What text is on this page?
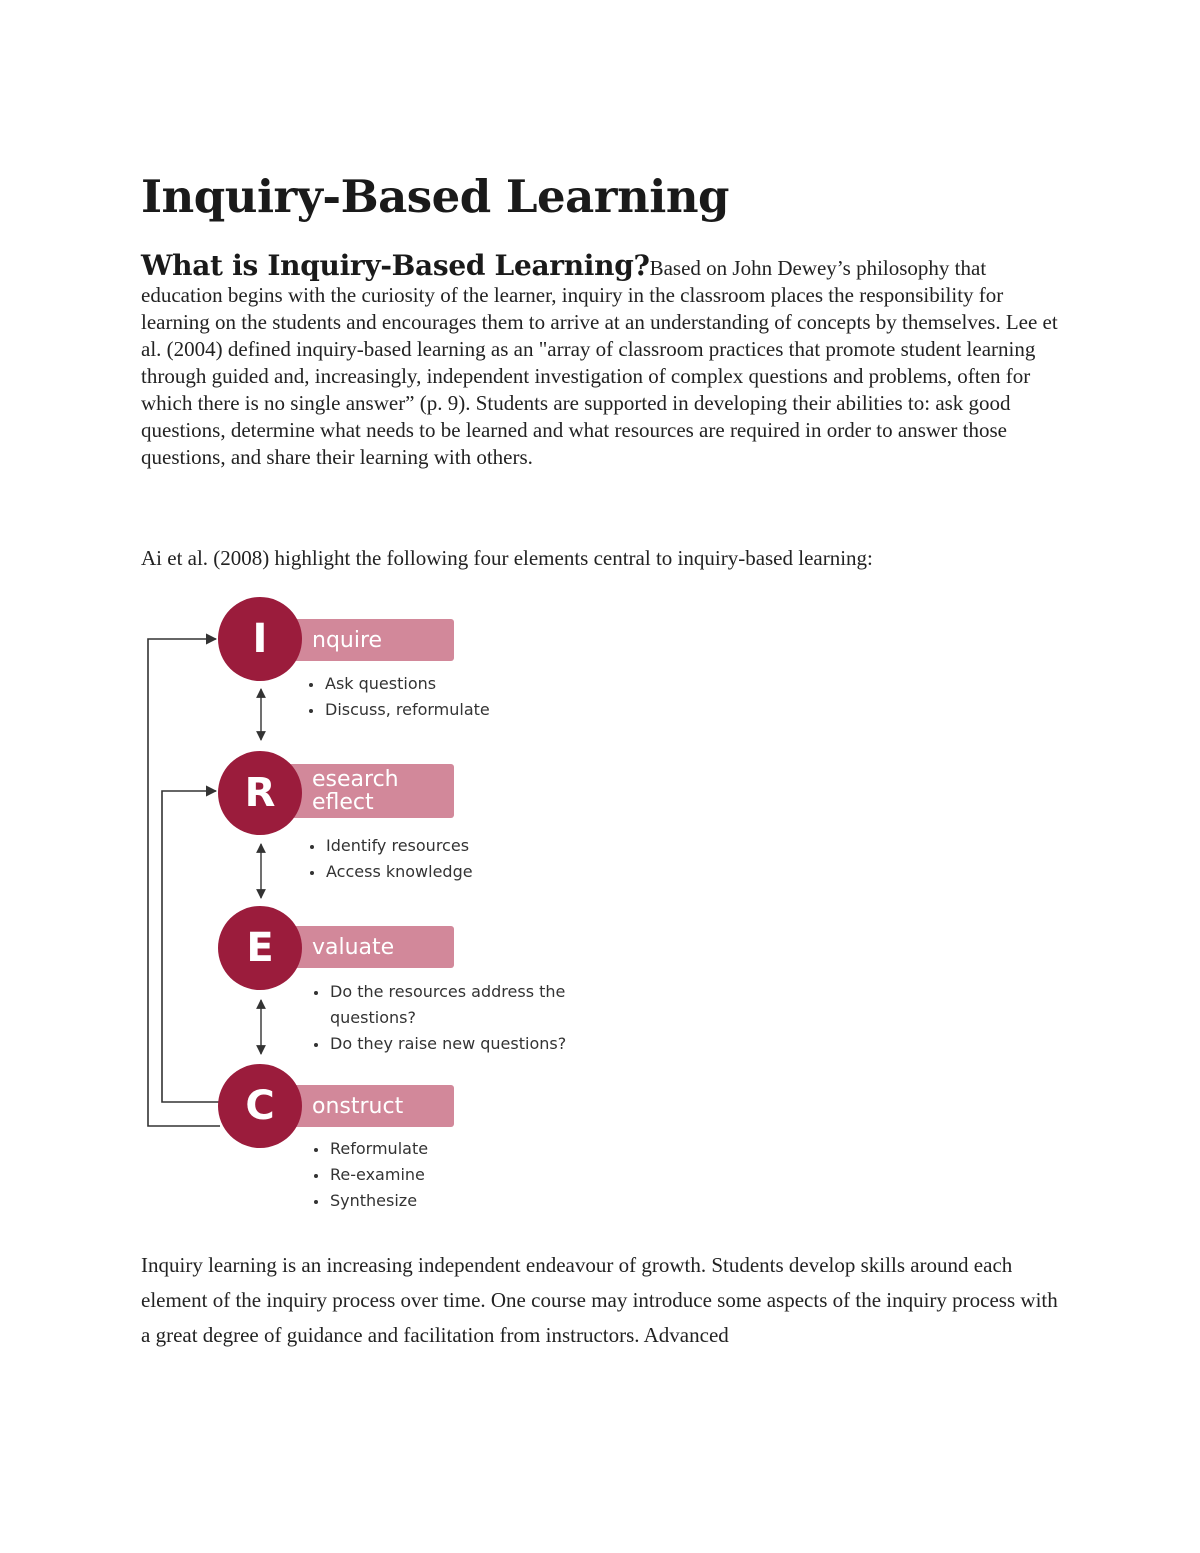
Inquiry-Based Learning

What is Inquiry-Based Learning?Based on John Dewey’s philosophy that education begins with the curiosity of the learner, inquiry in the classroom places the responsibility for learning on the students and encourages them to arrive at an understanding of concepts by themselves. Lee et al. (2004) defined inquiry-based learning as an "array of classroom practices that promote student learning through guided and, increasingly, independent investigation of complex questions and problems, often for which there is no single answer” (p. 9). Students are supported in developing their abilities to: ask good questions, determine what needs to be learned and what resources are required in order to answer those questions, and share their learning with others.

Ai et al. (2008) highlight the following four elements central to inquiry-based learning:

nquire
I
Ask questions
Discuss, reformulate
esearch
eflect
R
Identify resources
Access knowledge
valuate
E
Do the resources address the questions?
Do they raise new questions?
onstruct
C
Reformulate
Re-examine
Synthesize

Inquiry learning is an increasing independent endeavour of growth. Students develop skills around each element of the inquiry process over time. One course may introduce some aspects of the inquiry process with a great degree of guidance and facilitation from instructors. Advanced
